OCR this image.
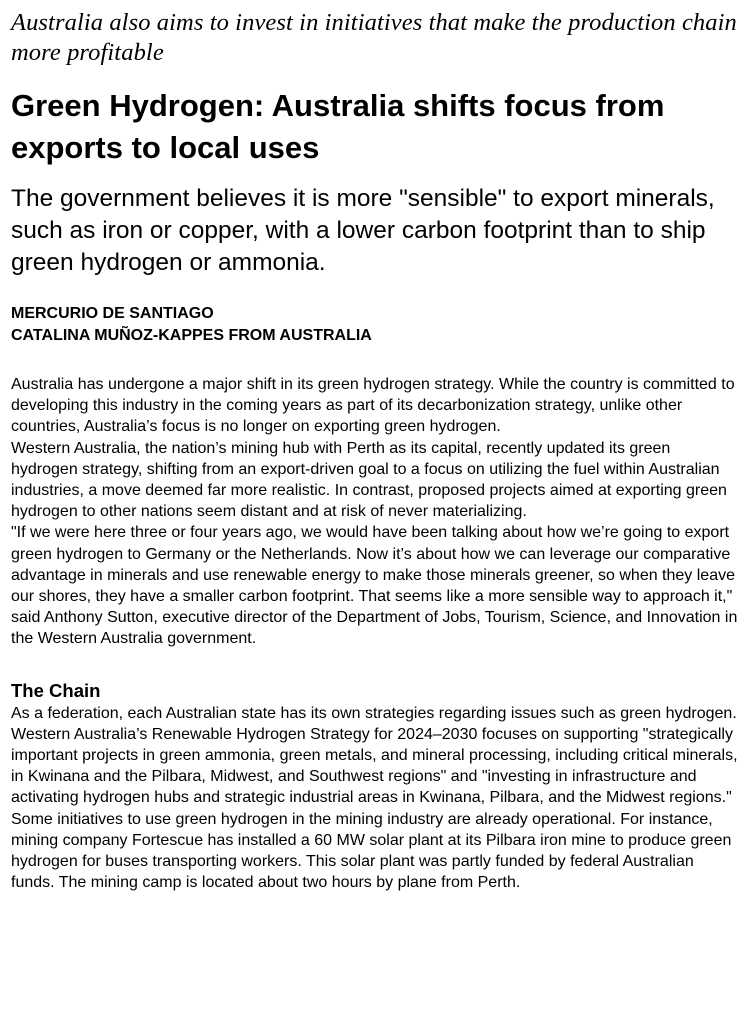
Australia also aims to invest in initiatives that make the production chain more profitable

Green Hydrogen: Australia shifts focus from exports to local uses

The government believes it is more "sensible" to export minerals, such as iron or copper, with a lower carbon footprint than to ship green hydrogen or ammonia.

MERCURIO DE SANTIAGO
CATALINA MUÑOZ-KAPPES FROM AUSTRALIA

Australia has undergone a major shift in its green hydrogen strategy. While the country is committed to developing this industry in the coming years as part of its decarbonization strategy, unlike other countries, Australia’s focus is no longer on exporting green hydrogen.

Western Australia, the nation’s mining hub with Perth as its capital, recently updated its green hydrogen strategy, shifting from an export-driven goal to a focus on utilizing the fuel within Australian industries, a move deemed far more realistic. In contrast, proposed projects aimed at exporting green hydrogen to other nations seem distant and at risk of never materializing.

"If we were here three or four years ago, we would have been talking about how we’re going to export green hydrogen to Germany or the Netherlands. Now it’s about how we can leverage our comparative advantage in minerals and use renewable energy to make those minerals greener, so when they leave our shores, they have a smaller carbon footprint. That seems like a more sensible way to approach it," said Anthony Sutton, executive director of the Department of Jobs, Tourism, Science, and Innovation in the Western Australia government.

The Chain

As a federation, each Australian state has its own strategies regarding issues such as green hydrogen. Western Australia’s Renewable Hydrogen Strategy for 2024–2030 focuses on supporting "strategically important projects in green ammonia, green metals, and mineral processing, including critical minerals, in Kwinana and the Pilbara, Midwest, and Southwest regions" and "investing in infrastructure and activating hydrogen hubs and strategic industrial areas in Kwinana, Pilbara, and the Midwest regions."

Some initiatives to use green hydrogen in the mining industry are already operational. For instance, mining company Fortescue has installed a 60 MW solar plant at its Pilbara iron mine to produce green hydrogen for buses transporting workers. This solar plant was partly funded by federal Australian funds. The mining camp is located about two hours by plane from Perth.
